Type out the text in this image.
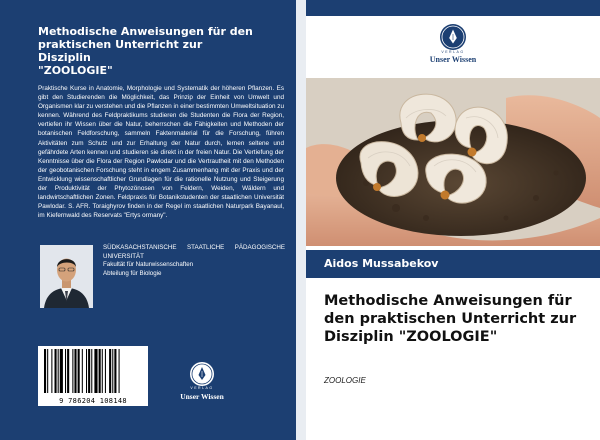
Methodische Anweisungen für den
praktischen Unterricht zur
Disziplin
"ZOOLOGIE"
Praktische Kurse in Anatomie, Morphologie und Systematik der höheren Pflanzen. Es gibt den Studierenden die Möglichkeit, das Prinzip der Einheit von Umwelt und Organismen klar zu verstehen und die Pflanzen in einer bestimmten Umweltsituation zu kennen. Während des Feldpraktikums studieren die Studenten die Flora der Region, vertiefen ihr Wissen über die Natur, beherrschen die Fähigkeiten und Methoden der botanischen Feldforschung, sammeln Faktenmaterial für die Forschung, führen Aktivitäten zum Schutz und zur Erhaltung der Natur durch, lernen seltene und gefährdete Arten kennen und studieren sie direkt in der freien Natur. Die Vertiefung der Kenntnisse über die Flora der Region Pawlodar und die Vertrautheit mit den Methoden der geobotanischen Forschung steht in engem Zusammenhang mit der Praxis und der Entwicklung wissenschaftlicher Grundlagen für die rationelle Nutzung und Steigerung der Produktivität der Phytozönosen von Feldern, Weiden, Wäldern und landwirtschaftlichen Zonen. Feldpraxis für Botanikstudenten der staatlichen Universität Pawlodar. S. AFR. Toraighyrov finden in der Regel im staatlichen Naturpark Bayanaul, im Kiefernwald des Reservats "Ertys ormany".
SÜDKASACHSTANISCHE STAATLICHE PÄDAGOGISCHE UNIVERSITÄT
Fakultät für Naturwissenschaften
Abteilung für Biologie
9 786204 108148
VERLAG
Unser Wissen
VERLAG
Unser Wissen
Aidos Mussabekov
Methodische Anweisungen für den praktischen Unterricht zur Disziplin "ZOOLOGIE"
ZOOLOGIE
